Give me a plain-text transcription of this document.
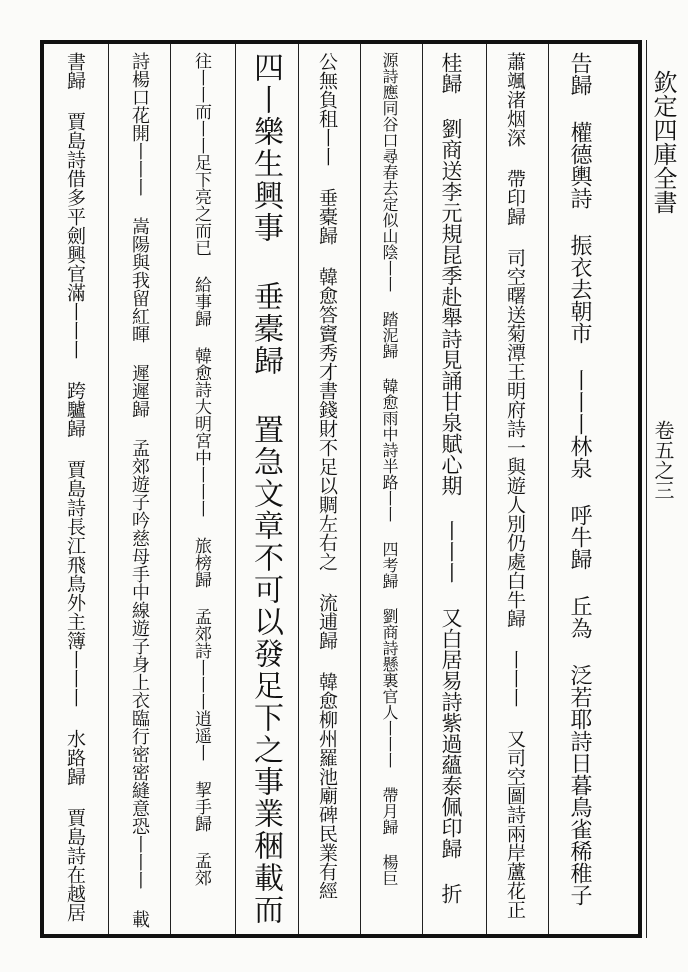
欽定四庫全書
卷五之三
告歸 權德輿詩 振衣去朝市 丨丨丨林泉 呼牛歸 丘為 泛若耶詩日暮鳥雀稀稚子
蕭颯渚烟深 帶印歸 司空曙送菊潭王明府詩一與遊人別仍處白牛歸 丨丨丨 又司空圖詩兩岸蘆花正
桂歸 劉商送李元規昆季赴舉詩見誦甘泉賦心期 丨丨丨 又白居易詩紫過蘊泰佩印歸 折
源詩應同谷口尋春去定似山陰丨丨 踏泥歸 韓愈雨中詩半路丨丨 四考歸 劉商詩懸裏官人丨丨丨 帶月歸 楊巨
公無負租丨丨 垂橐歸 韓愈答竇秀才書錢財不足以賙左右之 流逋歸 韓愈柳州羅池廟碑民業有經
四丨樂生興事 垂橐歸 置急文章不可以發足下之事業稇載而
往丨丨而丨丨足下亮之而已 給事歸 韓愈詩大明宮中丨丨丨 旅榜歸 孟郊詩丨丨丨逍遥丨 挈手歸 孟郊
詩楊口花開丨丨丨 嵩陽與我留紅暉 遲遲歸 孟郊遊子吟慈母手中線遊子身上衣臨行密密縫意恐丨丨丨 載
書歸 賈島詩借多平劍興官滿丨丨丨 跨驢歸 賈島詩長江飛鳥外主簿丨丨丨 水路歸 賈島詩在越居
